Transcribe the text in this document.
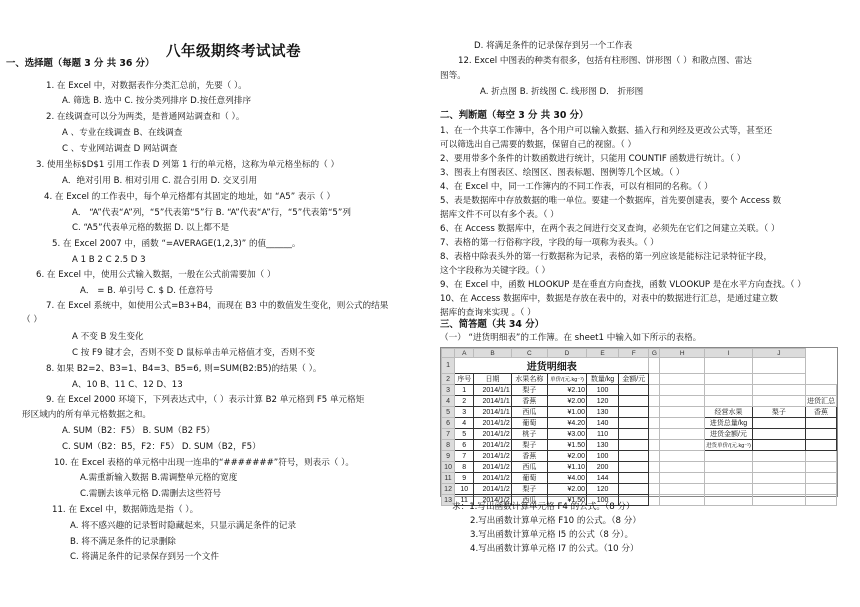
八年级期终考试试卷
一、选择题（每题 3 分 共 36 分）
1. 在 Excel 中，对数据表作分类汇总前，先要（ ）。
A. 筛选 B. 选中 C. 按分类列排序 D.按任意列排序
2. 在线调查可以分为两类，是普通网站调查和（ ）。
A 、专业在线调查 B、在线调查
C 、专业网站调查 D 网站调查
3. 使用坐标$D$1 引用工作表 D 列第 1 行的单元格，这称为单元格坐标的（ ）
A．绝对引用 B. 相对引用 C. 混合引用 D. 交叉引用
4. 在 Excel 的工作表中，每个单元格都有其固定的地址，如 “A5” 表示（ ）
A． “A”代表“A”列，“5”代表第“5”行 B. “A”代表“A”行，“5”代表第“5”列
C. “A5”代表单元格的数据 D. 以上都不是
5. 在 Excel 2007 中，函数 “=AVERAGE(1,2,3)” 的值______。
A 1 B 2 C 2.5 D 3
6. 在 Excel 中，使用公式输入数据，一般在公式前需要加（ ）
A． = B. 单引号 C. $ D. 任意符号
7. 在 Excel 系统中，如使用公式=B3+B4，而现在 B3 中的数值发生变化，则公式的结果
（ ）
A 不变 B 发生变化
C 按 F9 键才会，否则不变 D 鼠标单击单元格值才变，否则不变
8. 如果 B2=2、B3=1、B4=3、B5=6, 则=SUM(B2:B5)的结果（ ）。
A、10 B、11 C、12 D、13
9. 在 Excel 2000 环境下，下列表达式中，（ ）表示计算 B2 单元格到 F5 单元格矩
形区域内的所有单元格数据之和。
A. SUM（B2：F5） B. SUM（B2 F5）
C. SUM（B2：B5，F2：F5） D. SUM（B2，F5）
10. 在 Excel 表格的单元格中出现一连串的“#######”符号，则表示（ ）。
A.需重新输入数据 B.需调整单元格的宽度
C.需删去该单元格 D.需删去这些符号
11. 在 Excel 中，数据筛选是指（ ）。
A. 将不感兴趣的记录暂时隐藏起来，只显示满足条件的记录
B. 将不满足条件的记录删除
C. 将满足条件的记录保存到另一个文件
D. 将满足条件的记录保存到另一个工作表
12. Excel 中图表的种类有很多，包括有柱形图、饼形图（ ）和散点图、雷达
图等。
A. 折点图 B. 折线图 C. 线形图 D． 折形图
二、判断题（每空 3 分 共 30 分）
1、在一个共享工作簿中，各个用户可以输入数据、插入行和列经及更改公式等，甚至还
可以筛选出自己需要的数据，保留自己的视窗。（ ）
2、要用带多个条件的计数函数进行统计，只能用 COUNTIF 函数进行统计。（ ）
3、图表上有图表区、绘图区、图表标题、图例等几个区域。（ ）
4、在 Excel 中，同一工作簿内的不同工作表，可以有相同的名称。（ ）
5、表是数据库中存放数据的唯一单位。要建一个数据库，首先要创建表，要个 Access 数
据库文件不可以有多个表。（ ）
6、在 Access 数据库中，在两个表之间进行交叉查询，必须先在它们之间建立关联。（ ）
7、表格的第一行俗称字段，字段的每一项称为表头。（ ）
8、表格中除表头外的第一行数据称为记录，表格的第一列应该是能标注记录特征字段，
这个字段称为关键字段。（ ）
9、在 Excel 中，函数 HLOOKUP 是在垂直方向查找，函数 VLOOKUP 是在水平方向查找。（ ）
10、在 Access 数据库中，数据是存放在表中的，对表中的数据进行汇总，是通过建立数
据库的查询来实现 。（ ）
三、简答题（共 34 分）
（一） “进货明细表”的工作簿。在 sheet1 中输入如下所示的表格。
	A	B	C	D	E	F	G	H	I	J	
1	进货明细表										
2	序号	日期	水果名称	单价/(元.kg⁻¹)	数量/kg	金额/元					
3	1	2014/1/1	梨子	¥2.10	100						
4	2	2014/1/1	香蕉	¥2.00	120						进货汇总
5	3	2014/1/1	西瓜	¥1.00	130				经营水果	梨子	香蕉
6	4	2014/1/2	葡萄	¥4.20	140				进货总量/kg		
7	5	2014/1/2	桃子	¥3.00	110				进货金额/元		
8	6	2014/1/2	梨子	¥1.50	130				进货单价/(元.kg⁻¹)		
9	7	2014/1/2	香蕉	¥2.00	100						
10	8	2014/1/2	西瓜	¥1.10	200						
11	9	2014/1/2	葡萄	¥4.00	144						
12	10	2014/1/2	梨子	¥2.00	120						
13	11	2014/1/2	西瓜	¥1.50	100						
求：1.写出函数计算单元格 F4 的公式。（8 分）
2.写出函数计算单元格 F10 的公式。（8 分）
3.写出函数计算单元格 I5 的公式（8 分）。
4.写出函数计算单元格 I7 的公式。（10 分）
